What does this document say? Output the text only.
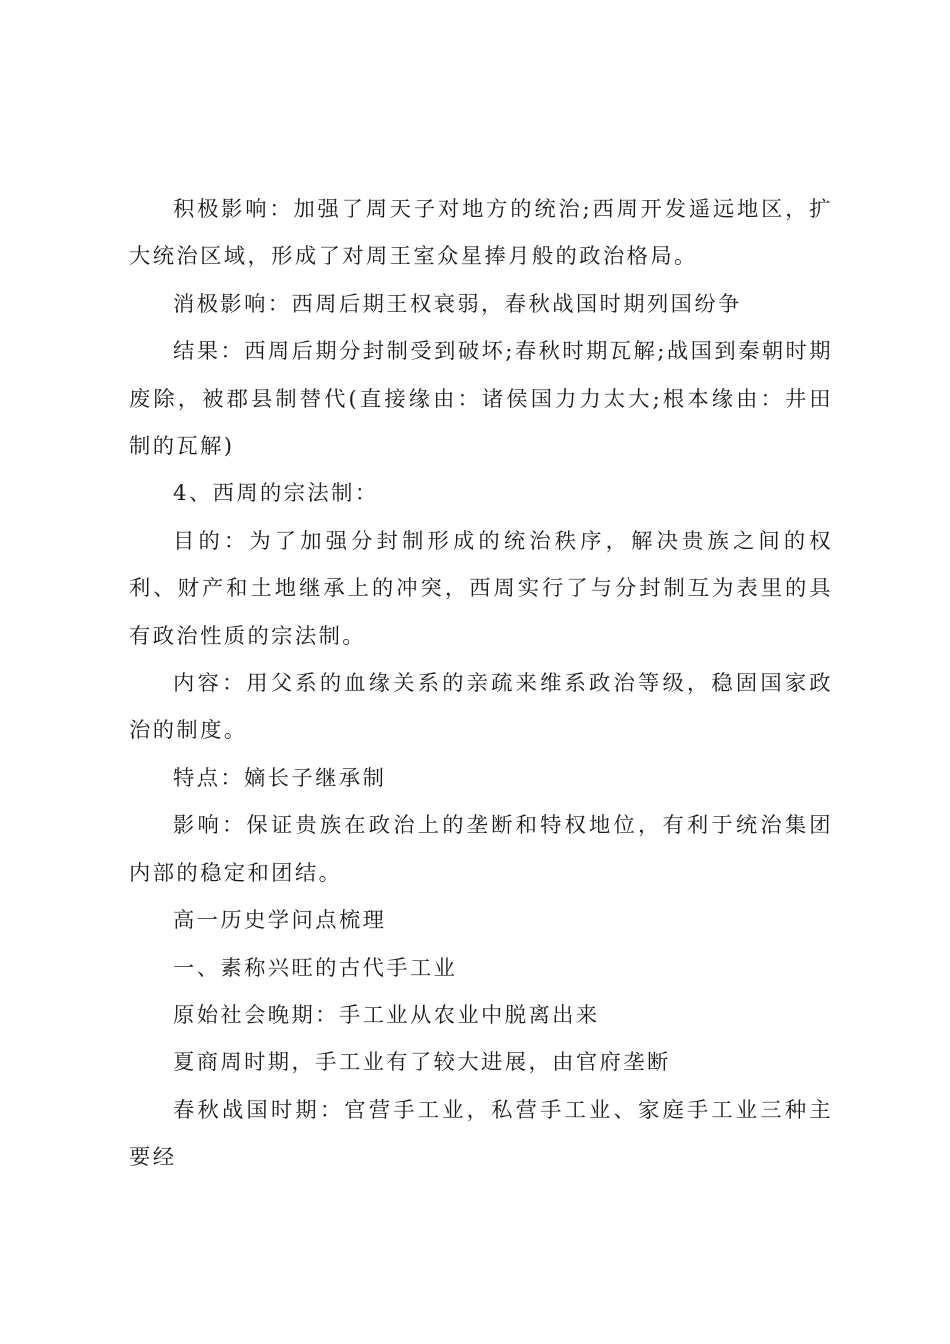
积极影响：加强了周天子对地方的统治;西周开发遥远地区，扩大统治区域，形成了对周王室众星捧月般的政治格局。

消极影响：西周后期王权衰弱，春秋战国时期列国纷争

结果：西周后期分封制受到破坏;春秋时期瓦解;战国到秦朝时期废除，被郡县制替代(直接缘由：诸侯国力力太大;根本缘由：井田制的瓦解)

4、西周的宗法制：

目的：为了加强分封制形成的统治秩序，解决贵族之间的权利、财产和土地继承上的冲突，西周实行了与分封制互为表里的具有政治性质的宗法制。

内容：用父系的血缘关系的亲疏来维系政治等级，稳固国家政治的制度。

特点：嫡长子继承制

影响：保证贵族在政治上的垄断和特权地位，有利于统治集团内部的稳定和团结。

高一历史学问点梳理

一、素称兴旺的古代手工业

原始社会晚期：手工业从农业中脱离出来

夏商周时期，手工业有了较大进展，由官府垄断

春秋战国时期：官营手工业，私营手工业、家庭手工业三种主要经
